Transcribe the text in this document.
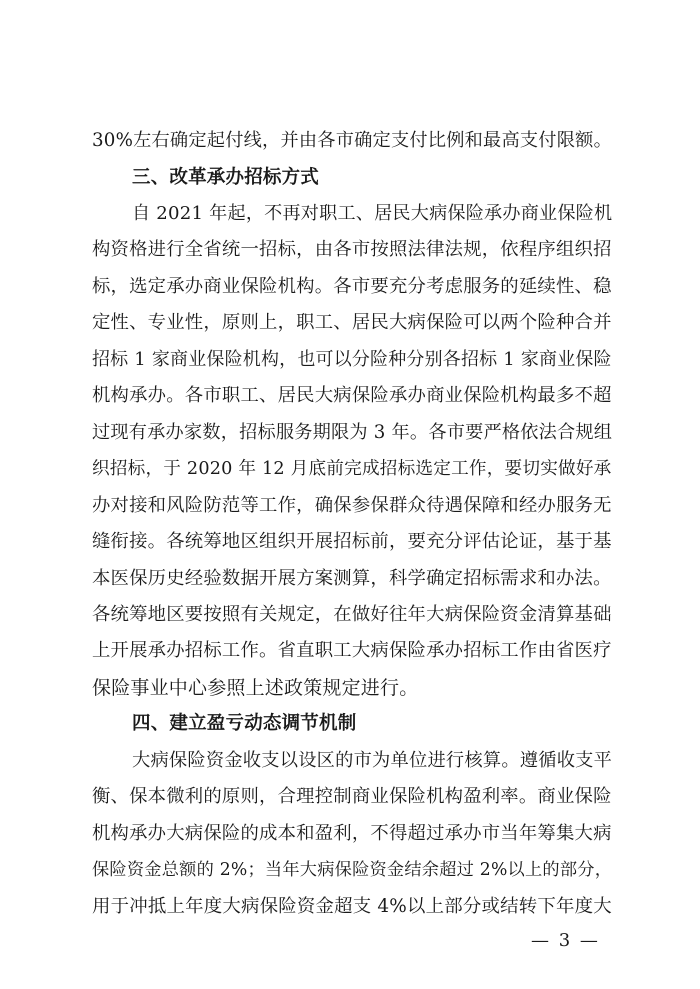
30%左右确定起付线，并由各市确定支付比例和最高支付限额。
三、改革承办招标方式
自 2021 年起，不再对职工、居民大病保险承办商业保险机
构资格进行全省统一招标，由各市按照法律法规，依程序组织招
标，选定承办商业保险机构。各市要充分考虑服务的延续性、稳
定性、专业性，原则上，职工、居民大病保险可以两个险种合并
招标 1 家商业保险机构，也可以分险种分别各招标 1 家商业保险
机构承办。各市职工、居民大病保险承办商业保险机构最多不超
过现有承办家数，招标服务期限为 3 年。各市要严格依法合规组
织招标，于 2020 年 12 月底前完成招标选定工作，要切实做好承
办对接和风险防范等工作，确保参保群众待遇保障和经办服务无
缝衔接。各统筹地区组织开展招标前，要充分评估论证，基于基
本医保历史经验数据开展方案测算，科学确定招标需求和办法。
各统筹地区要按照有关规定，在做好往年大病保险资金清算基础
上开展承办招标工作。省直职工大病保险承办招标工作由省医疗
保险事业中心参照上述政策规定进行。
四、建立盈亏动态调节机制
大病保险资金收支以设区的市为单位进行核算。遵循收支平
衡、保本微利的原则，合理控制商业保险机构盈利率。商业保险
机构承办大病保险的成本和盈利，不得超过承办市当年筹集大病
保险资金总额的 2%；当年大病保险资金结余超过 2%以上的部分，
用于冲抵上年度大病保险资金超支 4%以上部分或结转下年度大
— 3 —
